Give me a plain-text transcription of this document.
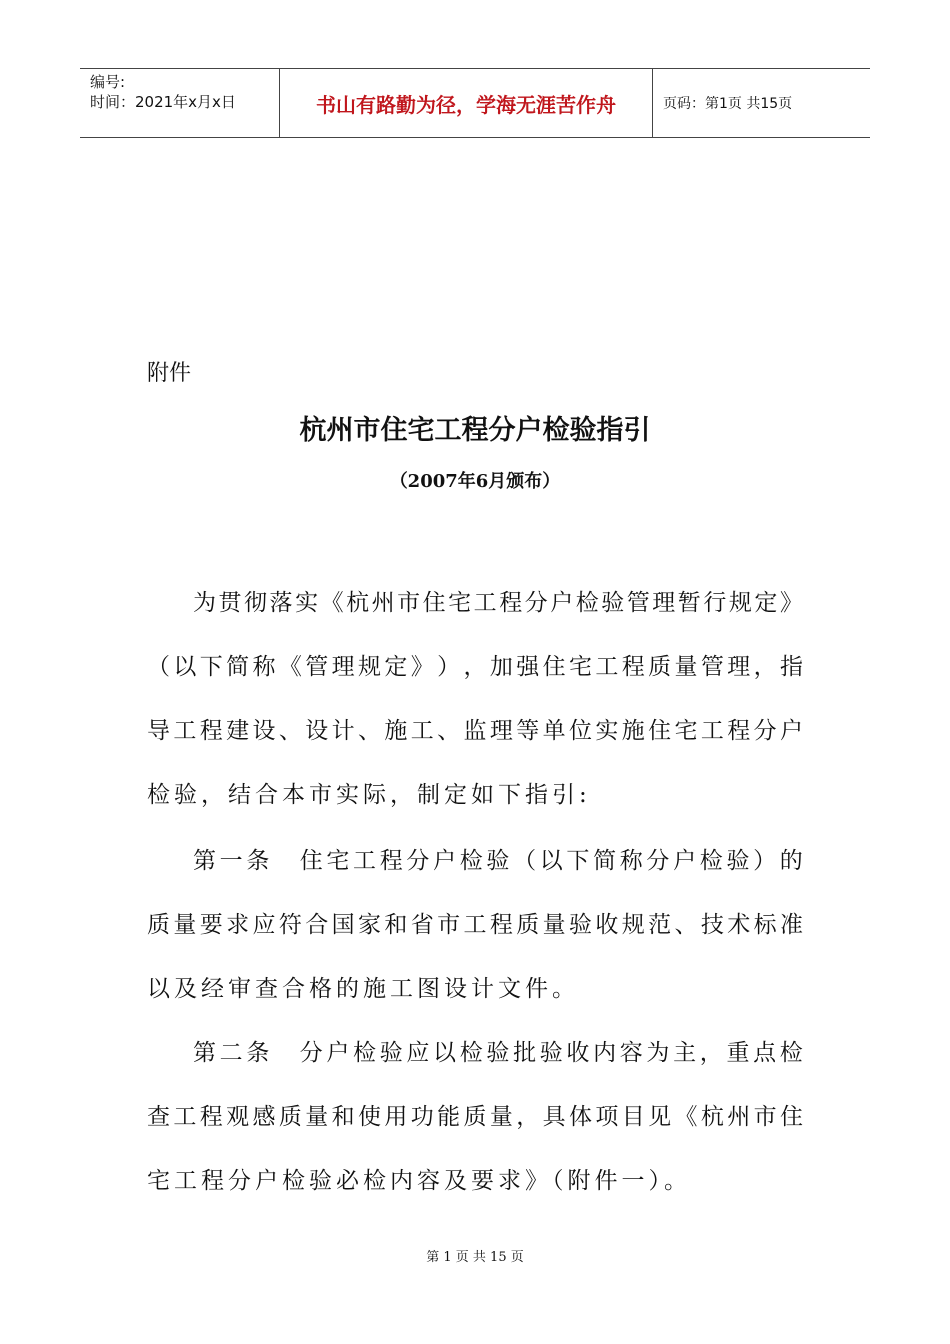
编号:
时间：2021年x月x日	书山有路勤为径，学海无涯苦作舟	页码：第1页 共15页
附件
杭州市住宅工程分户检验指引
（2007年6月颁布）
为 贯 彻 落 实 《 杭 州 市 住 宅 工 程 分 户 检 验 管 理 暂 行 规 定 》
（ 以 下 简 称 《 管 理 规 定 》 ） ， 加 强 住 宅 工 程 质 量 管 理 ， 指
导 工 程 建 设 、 设 计 、 施 工 、 监 理 等 单 位 实 施 住 宅 工 程 分 户
检验，结合本市实际，制定如下指引:
第 一 条
　 住 宅 工 程 分 户 检 验 （ 以 下 简 称 分 户 检 验 ） 的
质 量 要 求 应 符 合 国 家 和 省 市 工 程 质 量 验 收 规 范 、 技 术 标 准
以及经审查合格的施工图设计文件。
第 二 条
　 分 户 检 验 应 以 检 验 批 验 收 内 容 为 主 ， 重 点 检
查 工 程 观 感 质 量 和 使 用 功 能 质 量 ， 具 体 项 目 见 《 杭 州 市 住
宅工程分户检验必检内容及要求》（附件一）。
第 1 页 共 15 页
